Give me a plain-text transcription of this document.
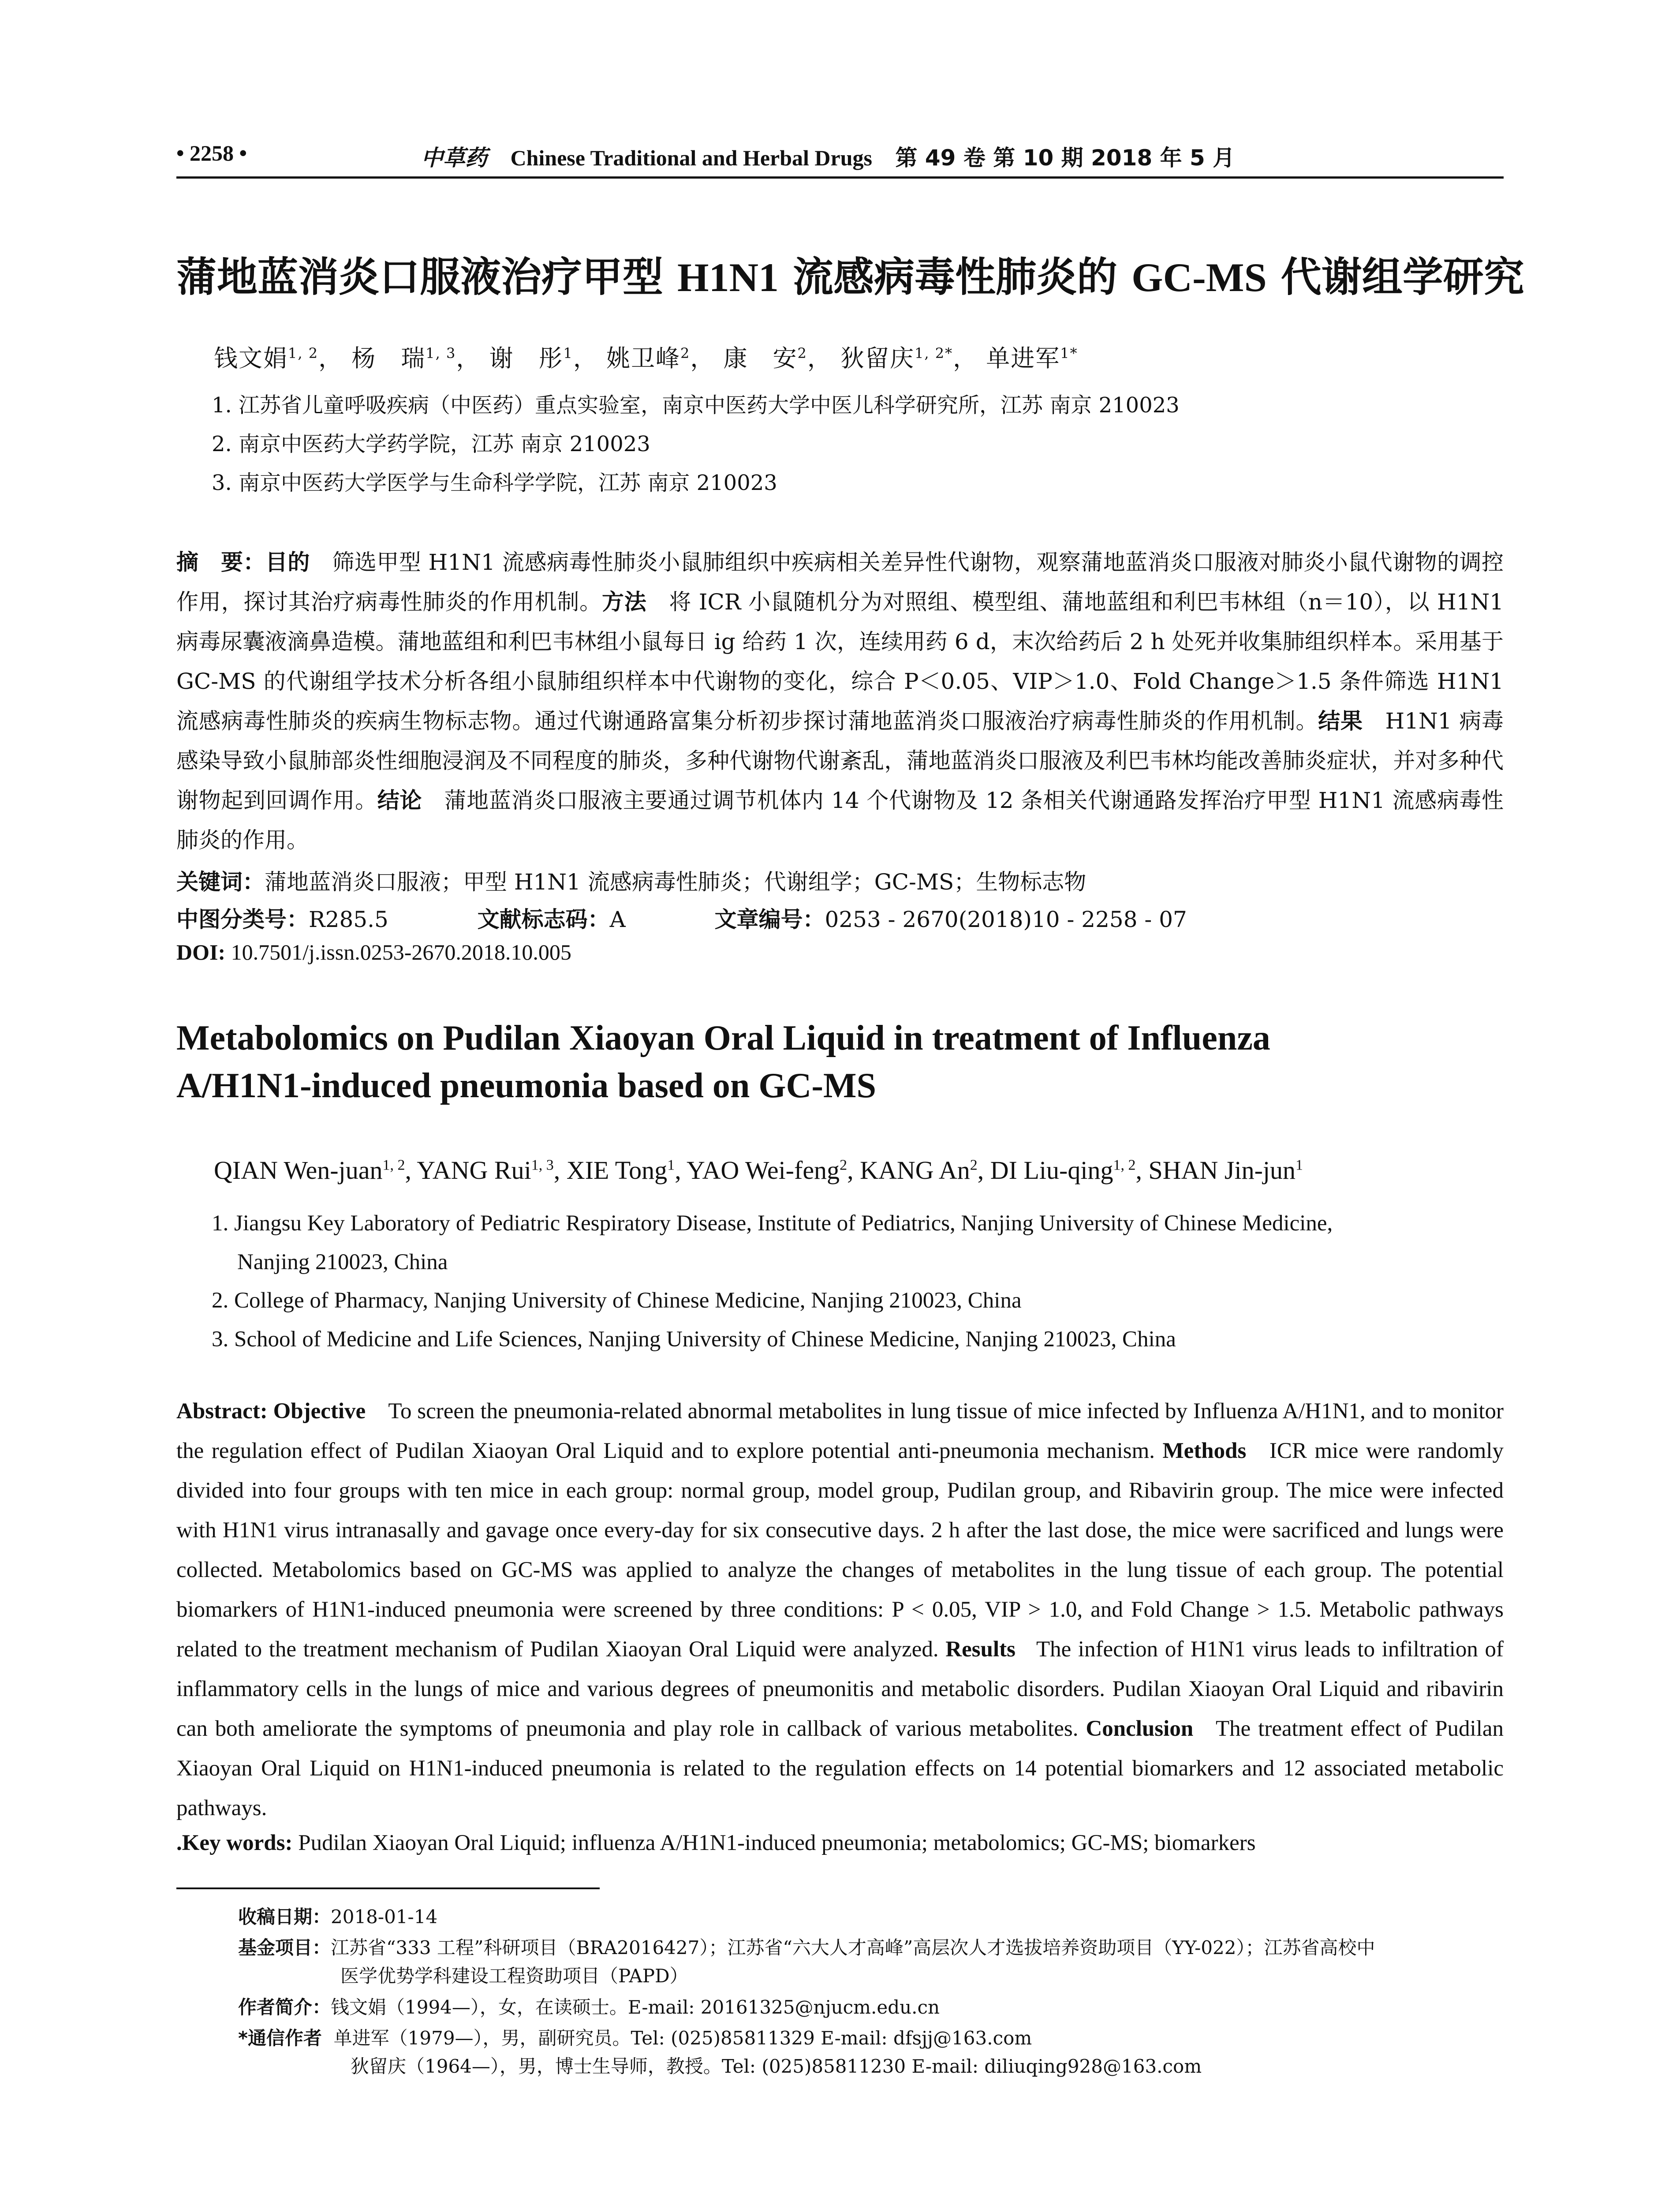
• 2258 •	中草药 Chinese Traditional and Herbal Drugs 第 49 卷 第 10 期 2018 年 5 月
蒲地蓝消炎口服液治疗甲型 H1N1 流感病毒性肺炎的 GC-MS 代谢组学研究
钱文娟$^{1, 2}$， 杨　瑞$^{1, 3}$， 谢　彤$^1$， 姚卫峰$^2$， 康　安$^2$， 狄留庆$^{1, 2*}$， 单进军$^{1*}$
1. 江苏省儿童呼吸疾病（中医药）重点实验室，南京中医药大学中医儿科学研究所，江苏 南京 210023
2. 南京中医药大学药学院，江苏 南京 210023
3. 南京中医药大学医学与生命科学学院，江苏 南京 210023
摘　要：目的　 筛选甲型 H1N1 流感病毒性肺炎小鼠肺组织中疾病相关差异性代谢物，观察蒲地蓝消炎口服液对肺炎小鼠代谢物的调控作用，探讨其治疗病毒性肺炎的作用机制。方法　 将 ICR 小鼠随机分为对照组、模型组、蒲地蓝组和利巴韦林组（n＝10），以 H1N1 病毒尿囊液滴鼻造模。蒲地蓝组和利巴韦林组小鼠每日 ig 给药 1 次，连续用药 6 d，末次给药后 2 h 处死并收集肺组织样本。采用基于 GC-MS 的代谢组学技术分析各组小鼠肺组织样本中代谢物的变化，综合 P＜0.05、VIP＞1.0、Fold Change＞1.5 条件筛选 H1N1 流感病毒性肺炎的疾病生物标志物。通过代谢通路富集分析初步探讨蒲地蓝消炎口服液治疗病毒性肺炎的作用机制。结果　 H1N1 病毒感染导致小鼠肺部炎性细胞浸润及不同程度的肺炎，多种代谢物代谢紊乱，蒲地蓝消炎口服液及利巴韦林均能改善肺炎症状，并对多种代谢物起到回调作用。结论　 蒲地蓝消炎口服液主要通过调节机体内 14 个代谢物及 12 条相关代谢通路发挥治疗甲型 H1N1 流感病毒性肺炎的作用。
关键词：蒲地蓝消炎口服液；甲型 H1N1 流感病毒性肺炎；代谢组学；GC-MS；生物标志物
中图分类号：R285.5	文献标志码：A	文章编号：0253 - 2670(2018)10 - 2258 - 07
DOI: 10.7501/j.issn.0253-2670.2018.10.005
Metabolomics on Pudilan Xiaoyan Oral Liquid in treatment of Influenza
A/H1N1-induced pneumonia based on GC-MS
QIAN Wen-juan$^{1, 2}$, YANG Rui$^{1, 3}$, XIE Tong$^1$, YAO Wei-feng$^2$, KANG An$^2$, DI Liu-qing$^{1, 2}$, SHAN Jin-jun$^1$
1. Jiangsu Key Laboratory of Pediatric Respiratory Disease, Institute of Pediatrics, Nanjing University of Chinese Medicine,
Nanjing 210023, China
2. College of Pharmacy, Nanjing University of Chinese Medicine, Nanjing 210023, China
3. School of Medicine and Life Sciences, Nanjing University of Chinese Medicine, Nanjing 210023, China
Abstract: Objective To screen the pneumonia-related abnormal metabolites in lung tissue of mice infected by Influenza A/H1N1, and to monitor the regulation effect of Pudilan Xiaoyan Oral Liquid and to explore potential anti-pneumonia mechanism. Methods ICR mice were randomly divided into four groups with ten mice in each group: normal group, model group, Pudilan group, and Ribavirin group. The mice were infected with H1N1 virus intranasally and gavage once every-day for six consecutive days. 2 h after the last dose, the mice were sacrificed and lungs were collected. Metabolomics based on GC-MS was applied to analyze the changes of metabolites in the lung tissue of each group. The potential biomarkers of H1N1-induced pneumonia were screened by three conditions: P < 0.05, VIP > 1.0, and Fold Change > 1.5. Metabolic pathways related to the treatment mechanism of Pudilan Xiaoyan Oral Liquid were analyzed. Results The infection of H1N1 virus leads to infiltration of inflammatory cells in the lungs of mice and various degrees of pneumonitis and metabolic disorders. Pudilan Xiaoyan Oral Liquid and ribavirin can both ameliorate the symptoms of pneumonia and play role in callback of various metabolites. Conclusion The treatment effect of Pudilan Xiaoyan Oral Liquid on H1N1-induced pneumonia is related to the regulation effects on 14 potential biomarkers and 12 associated metabolic pathways.
.Key words: Pudilan Xiaoyan Oral Liquid; influenza A/H1N1-induced pneumonia; metabolomics; GC-MS; biomarkers
收稿日期：2018-01-14
基金项目：江苏省“333 工程”科研项目（BRA2016427）；江苏省“六大人才高峰”高层次人才选拔培养资助项目（YY-022）；江苏省高校中
医学优势学科建设工程资助项目（PAPD）
作者简介：钱文娟（1994—），女，在读硕士。E-mail: 20161325@njucm.edu.cn
*通信作者 单进军（1979—），男，副研究员。Tel: (025)85811329 E-mail: dfsjj@163.com
狄留庆（1964—），男，博士生导师，教授。Tel: (025)85811230 E-mail: diliuqing928@163.com
